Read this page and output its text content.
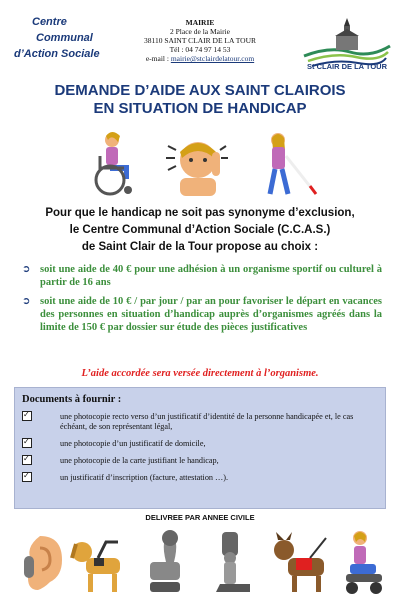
Centre
Communal
d’Action Sociale
MAIRIE
2 Place de la Mairie
38110 SAINT CLAIR DE LA TOUR
Tél : 04 74 97 14 53
e-mail : mairie@stclairdelatour.com
St CLAIR DE LA TOUR
DEMANDE D’AIDE AUX SAINT CLAIROIS
EN SITUATION DE HANDICAP
Pour que le handicap ne soit pas synonyme d’exclusion,
le Centre Communal d’Action Sociale (C.C.A.S.)
de Saint Clair de la Tour propose au choix :
➲ soit une aide de 40 € pour une adhésion à un organisme sportif ou culturel à partir de 16 ans
➲ soit une aide de 10 € / par jour / par an pour favoriser le départ en vacances des personnes en situation d’handicap auprès d’organismes agréés dans la limite de 150 € par dossier sur étude des pièces justificatives
L’aide accordée sera versée directement à l’organisme.
Documents à fournir :
✓
une photocopie recto verso d’un justificatif d’identité de la personne handicapée et, le cas échéant, de son représentant légal,
✓
une photocopie d’un justificatif de domicile,
✓
une photocopie de la carte justifiant le handicap,
✓
un justificatif d’inscription (facture, attestation …).
DELIVREE PAR ANNEE CIVILE
